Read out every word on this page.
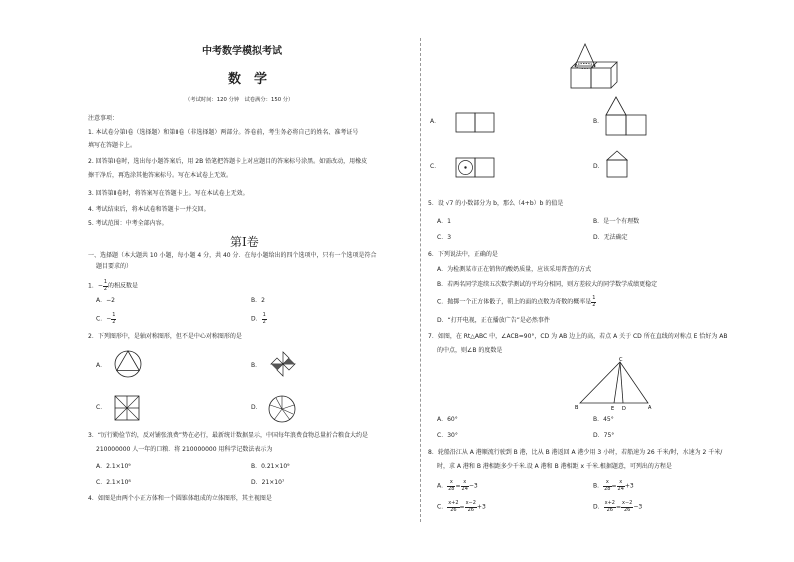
中考数学模拟考试
数　学
（考试时间：120 分钟　试卷满分：150 分）
注意事项：
1. 本试卷分第Ⅰ卷（选择题）和第Ⅱ卷（非选择题）两部分。答卷前，考生务必将自己的姓名、准考证号
填写在答题卡上。
2. 回答第Ⅰ卷时，选出每小题答案后，用 2B 铅笔把答题卡上对应题目的答案标号涂黑。如需改动，用橡皮
擦干净后，再选涂其他答案标号。写在本试卷上无效。
3. 回答第Ⅱ卷时，将答案写在答题卡上。写在本试卷上无效。
4. 考试结束后，将本试卷和答题卡一并交回。
5. 考试范围：中考全部内容。
第Ⅰ卷
一、选择题（本大题共 10 小题，每小题 4 分，共 40 分．在每小题给出的四个选项中，只有一个选项是符合
题目要求的）
1．− $\frac{1}{2}$ 的相反数是
A．−2	B．2
C．− $\frac{1}{2}$	D． $\frac{1}{2}$
2．下列图形中，是轴对称图形，但不是中心对称图形的是
A．	B．
C．	D．
3．“厉行勤俭节约，反对铺张浪费”势在必行，最新统计数据显示，中国每年浪费食物总量折合粮食大约是
210000000 人一年的口粮．将 210000000 用科学记数法表示为
A．2.1×10⁹	B．0.21×10⁹
C．2.1×10⁸	D．21×10⁷
4．如图是由两个小正方体和一个圆锥体组成的立体图形，其主视图是
A．	B．
C．	D．
5．设 √7 的小数部分为 b，那么（4+b）b 的值是
A．1	B．是一个有理数
C．3	D．无法确定
6．下列说法中，正确的是
A．为检测某市正在销售的酸奶质量，应该采用普查的方式
B．若两名同学连续五次数学测试的平均分相同，则方差较大的同学数学成绩更稳定
C．抛掷一个正方体骰子，朝上的面的点数为奇数的概率是 $\frac{1}{2}$
D．“打开电视，正在播放广告”是必然事件
7．如图，在 Rt△ABC 中，∠ACB=90°，CD 为 AB 边上的高，若点 A 关于 CD 所在直线的对称点 E 恰好为 AB
的中点，则∠B 的度数是
C
B	E D	A
A．60°	B．45°
C．30°	D．75°
8．轮船沿江从 A 港顺流行驶到 B 港，比从 B 港返回 A 港少用 3 小时，若船速为 26 千米/时，水速为 2 千米/
时，求 A 港和 B 港相距多少千米.设 A 港和 B 港相距 x 千米.根据题意，可列出的方程是
A． $\frac{x}{28} = \frac{x}{24} -3$	B． $\frac{x}{28} = \frac{x}{24} +3$
C． $\frac{x+2}{26} = \frac{x-2}{26} +3$	D． $\frac{x+2}{26} = \frac{x-2}{26} -3$
